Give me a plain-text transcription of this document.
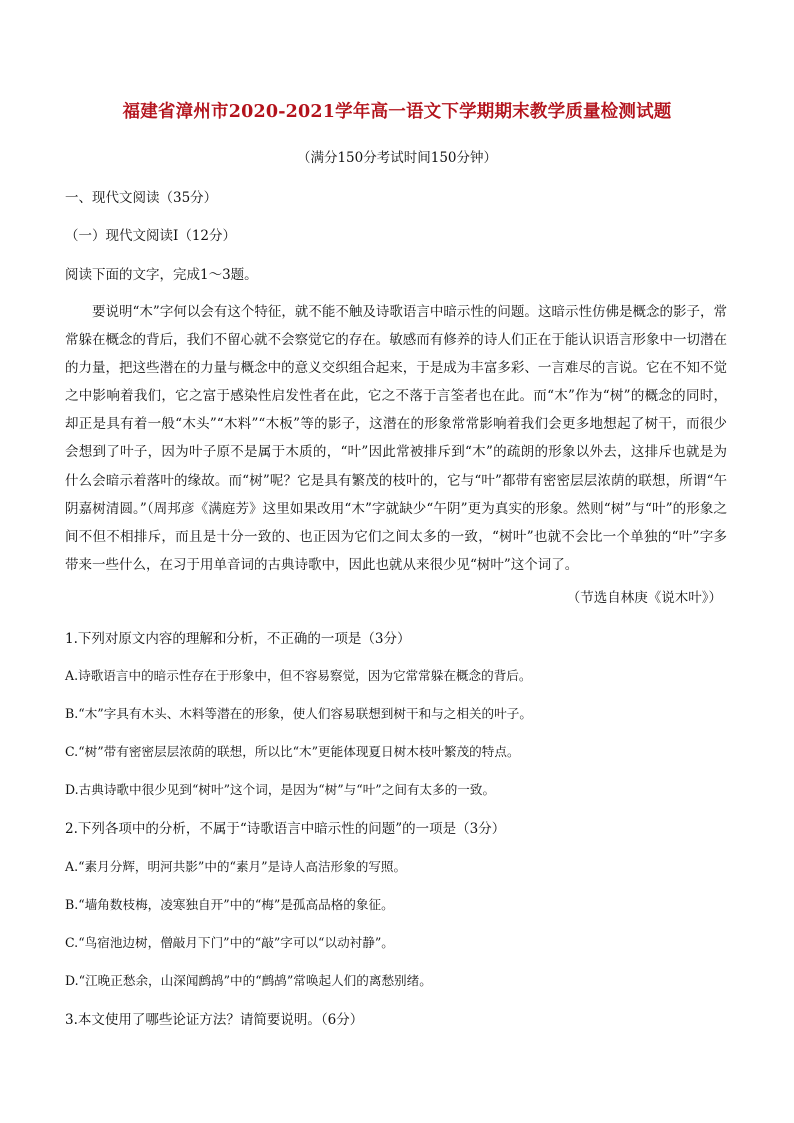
福建省漳州市2020-2021学年高一语文下学期期末教学质量检测试题
（满分150分考试时间150分钟）
一、现代文阅读（35分）
（一）现代文阅读Ⅰ（12分）
阅读下面的文字，完成1～3题。
要说明“木”字何以会有这个特征，就不能不触及诗歌语言中暗示性的问题。这暗示性仿佛是概念的影子，常常躲在概念的背后，我们不留心就不会察觉它的存在。敏感而有修养的诗人们正在于能认识语言形象中一切潜在的力量，把这些潜在的力量与概念中的意义交织组合起来，于是成为丰富多彩、一言难尽的言说。它在不知不觉之中影响着我们，它之富于感染性启发性者在此，它之不落于言筌者也在此。而“木”作为“树”的概念的同时，却正是具有着一般“木头”“木料”“木板”等的影子，这潜在的形象常常影响着我们会更多地想起了树干，而很少会想到了叶子，因为叶子原不是属于木质的，“叶”因此常被排斥到“木”的疏朗的形象以外去，这排斥也就是为什么会暗示着落叶的缘故。而“树”呢？它是具有繁茂的枝叶的，它与“叶”都带有密密层层浓荫的联想，所谓“午阴嘉树清圆。”（周邦彦《满庭芳》这里如果改用“木”字就缺少“午阴”更为真实的形象。然则“树”与“叶”的形象之间不但不相排斥，而且是十分一致的、也正因为它们之间太多的一致，“树叶”也就不会比一个单独的“叶”字多带来一些什么，在习于用单音词的古典诗歌中，因此也就从来很少见“树叶”这个词了。
（节选自林庚《说木叶》）
1.下列对原文内容的理解和分析，不正确的一项是（3分）
A.诗歌语言中的暗示性存在于形象中，但不容易察觉，因为它常常躲在概念的背后。
B.“木”字具有木头、木料等潜在的形象，使人们容易联想到树干和与之相关的叶子。
C.“树”带有密密层层浓荫的联想，所以比“木”更能体现夏日树木枝叶繁茂的特点。
D.古典诗歌中很少见到“树叶”这个词，是因为“树”与“叶”之间有太多的一致。
2.下列各项中的分析，不属于“诗歌语言中暗示性的问题”的一项是（3分）
A.“素月分辉，明河共影”中的“素月”是诗人高洁形象的写照。
B.“墙角数枝梅，凌寒独自开”中的“梅”是孤高品格的象征。
C.“鸟宿池边树，僧敲月下门”中的“敲”字可以“以动衬静”。
D.“江晚正愁余，山深闻鹧鸪”中的“鹧鸪”常唤起人们的离愁别绪。
3.本文使用了哪些论证方法？请简要说明。（6分）
